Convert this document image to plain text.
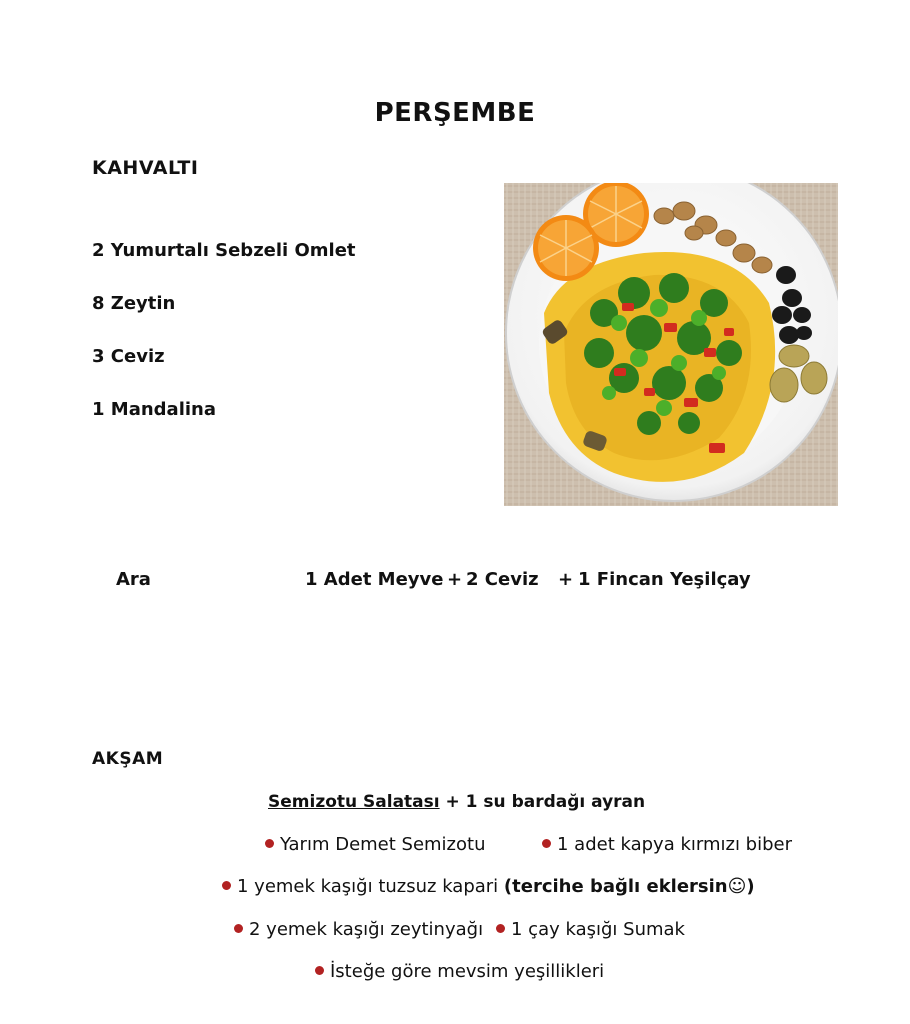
PERŞEMBE
KAHVALTI
2 Yumurtalı Sebzeli Omlet
8 Zeytin
3 Ceviz
1 Mandalina
Ara	1 Adet Meyve + 2 Ceviz + 1 Fincan Yeşilçay
AKŞAM
Semizotu Salatası + 1 su bardağı ayran
Yarım Demet Semizotu	1 adet kapya kırmızı biber
1 yemek kaşığı tuzsuz kapari (tercihe bağlı eklersin☺)
2 yemek kaşığı zeytinyağı	1 çay kaşığı Sumak
İsteğe göre mevsim yeşillikleri
